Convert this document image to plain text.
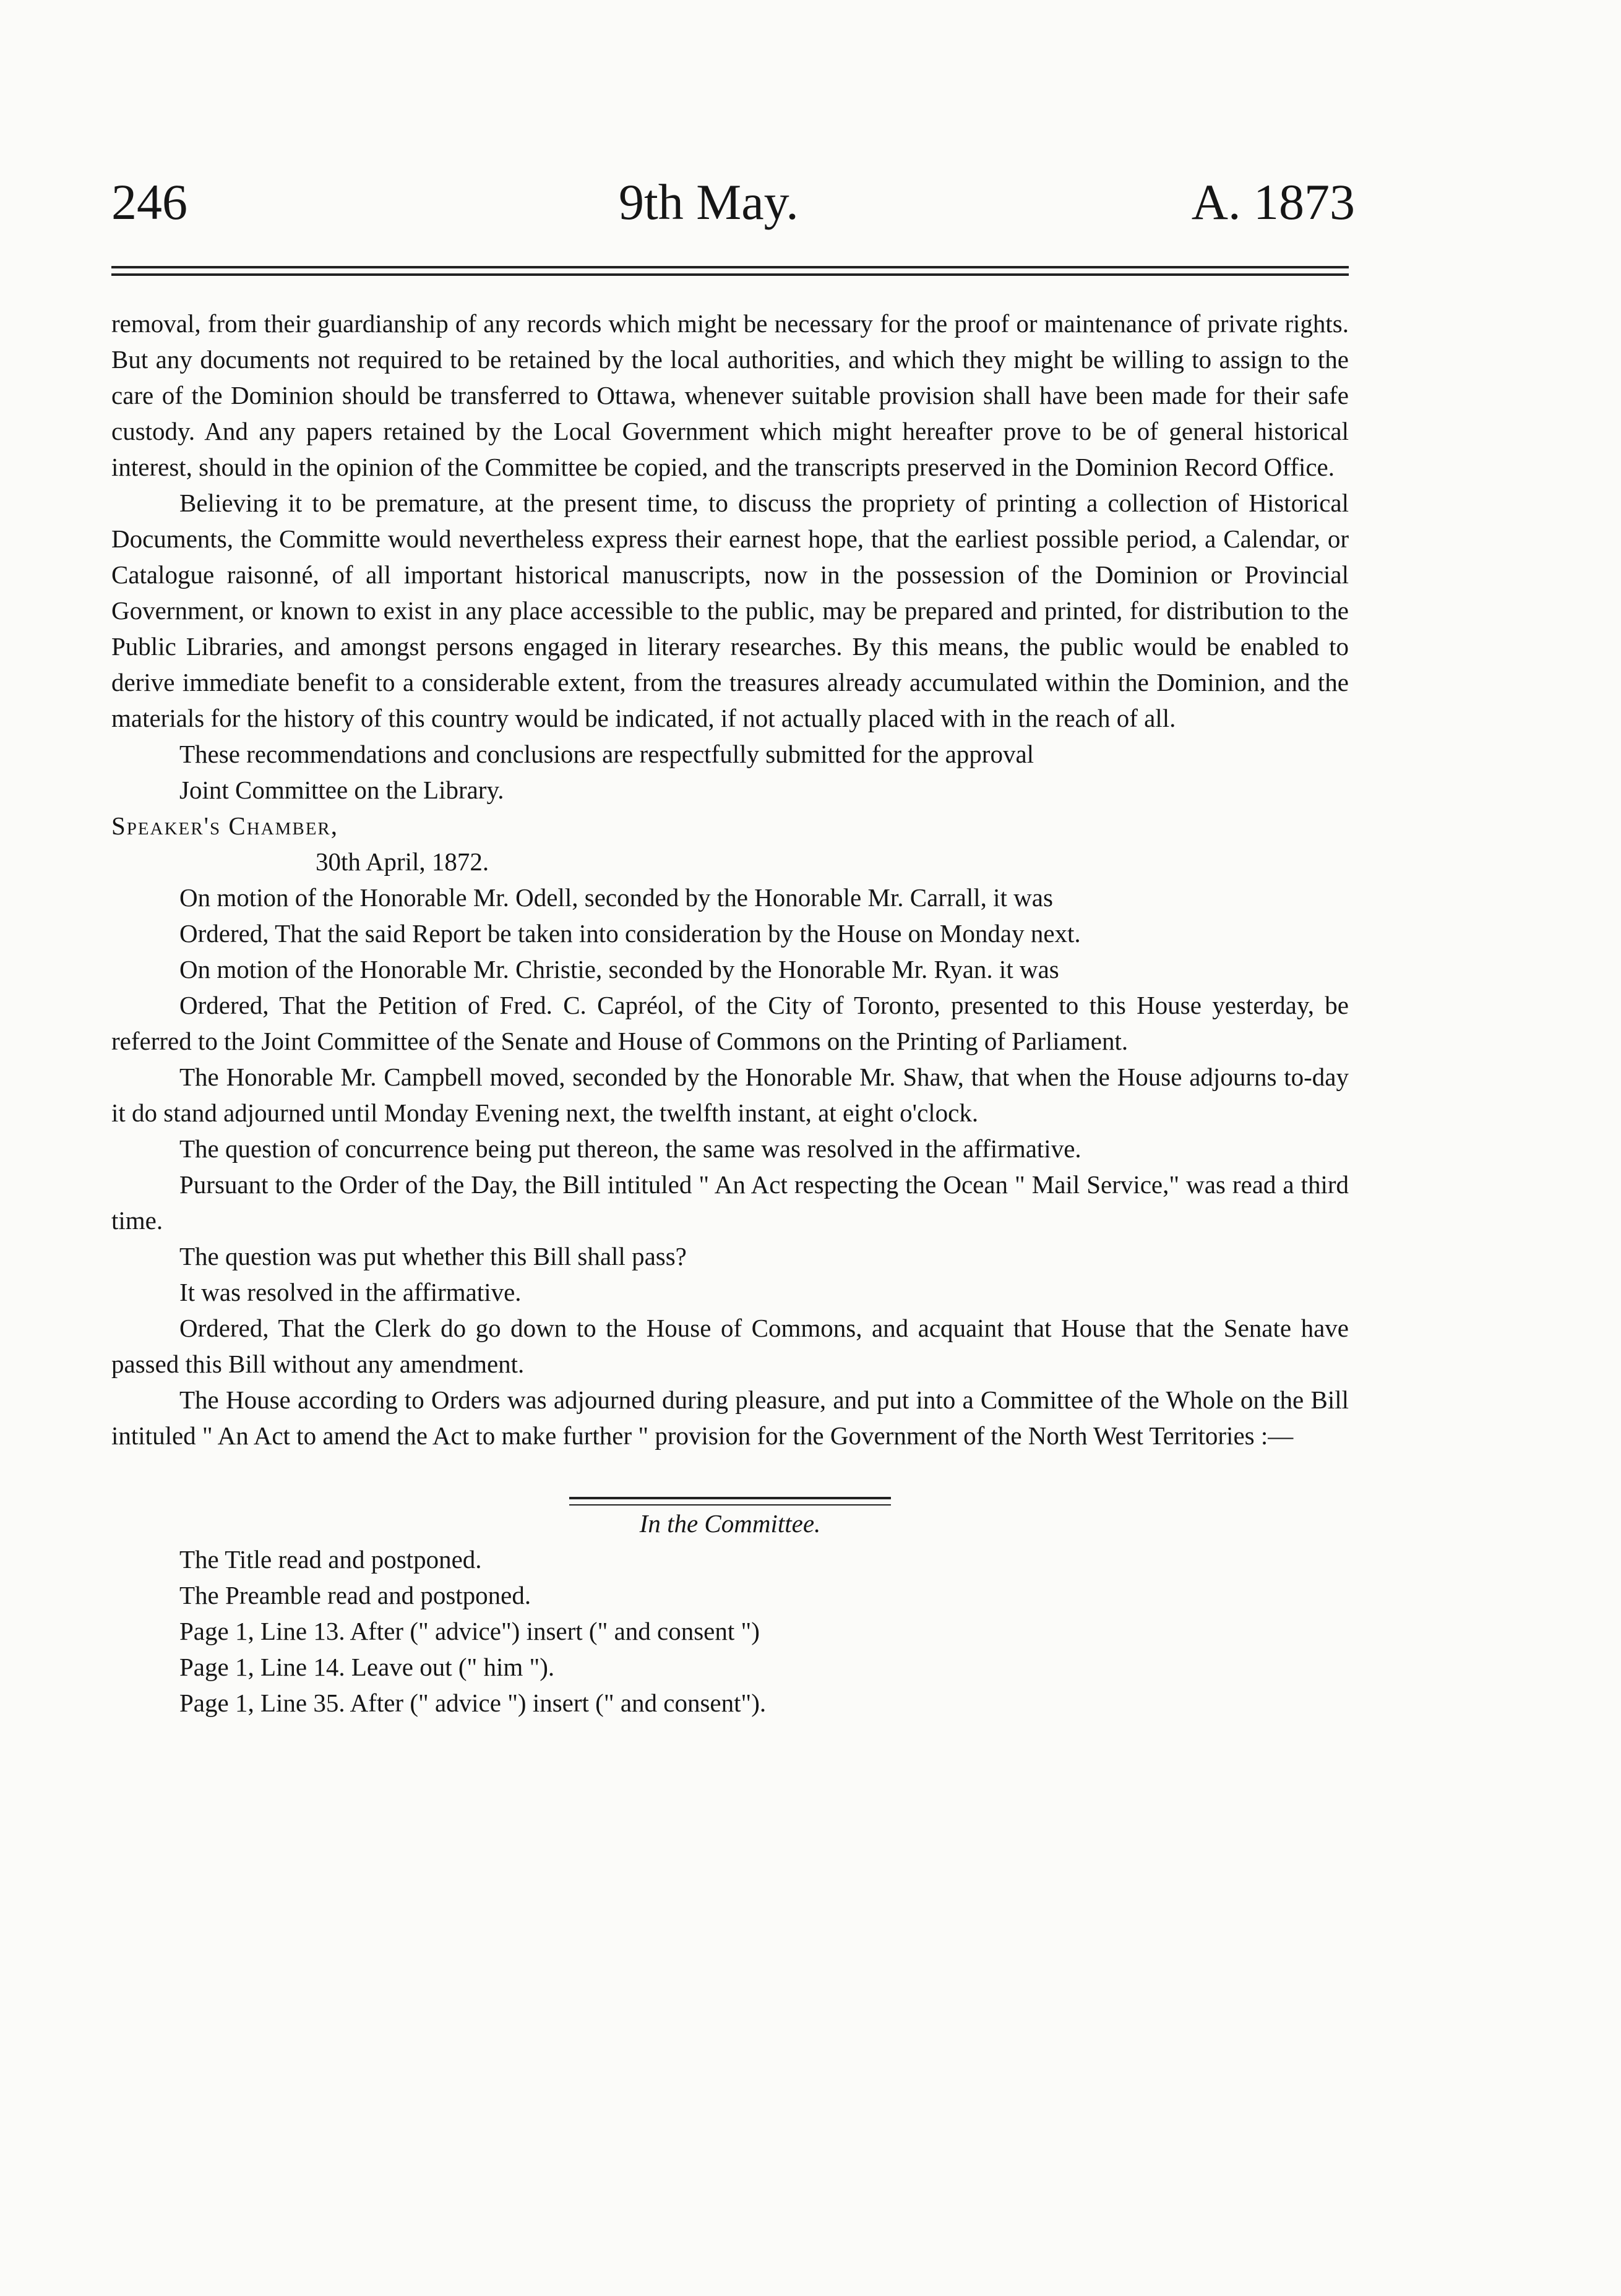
246	9th May.	A. 1873

removal, from their guardianship of any records which might be necessary for the proof or maintenance of private rights. But any documents not required to be retained by the local authorities, and which they might be willing to assign to the care of the Dominion should be transferred to Ottawa, whenever suitable provision shall have been made for their safe custody. And any papers retained by the Local Government which might hereafter prove to be of general historical interest, should in the opinion of the Committee be copied, and the transcripts preserved in the Dominion Record Office.

Believing it to be premature, at the present time, to discuss the propriety of printing a collection of Historical Documents, the Committe would nevertheless express their earnest hope, that the earliest possible period, a Calendar, or Catalogue raisonné, of all important historical manuscripts, now in the possession of the Dominion or Provincial Government, or known to exist in any place accessible to the public, may be prepared and printed, for distribution to the Public Libraries, and amongst persons engaged in literary researches. By this means, the public would be enabled to derive immediate benefit to a considerable extent, from the treasures already accumulated within the Dominion, and the materials for the history of this country would be indicated, if not actually placed with in the reach of all.

These recommendations and conclusions are respectfully submitted for the approval

Joint Committee on the Library.

Speaker's Chamber,

30th April, 1872.

On motion of the Honorable Mr. Odell, seconded by the Honorable Mr. Carrall, it was

Ordered, That the said Report be taken into consideration by the House on Monday next.

On motion of the Honorable Mr. Christie, seconded by the Honorable Mr. Ryan. it was

Ordered, That the Petition of Fred. C. Capréol, of the City of Toronto, presented to this House yesterday, be referred to the Joint Committee of the Senate and House of Commons on the Printing of Parliament.

The Honorable Mr. Campbell moved, seconded by the Honorable Mr. Shaw, that when the House adjourns to-day it do stand adjourned until Monday Evening next, the twelfth instant, at eight o'clock.

The question of concurrence being put thereon, the same was resolved in the affirmative.

Pursuant to the Order of the Day, the Bill intituled " An Act respecting the Ocean " Mail Service," was read a third time.

The question was put whether this Bill shall pass?

It was resolved in the affirmative.

Ordered, That the Clerk do go down to the House of Commons, and acquaint that House that the Senate have passed this Bill without any amendment.

The House according to Orders was adjourned during pleasure, and put into a Committee of the Whole on the Bill intituled " An Act to amend the Act to make further " provision for the Government of the North West Territories :—

In the Committee.

The Title read and postponed.

The Preamble read and postponed.

Page 1, Line 13. After (" advice") insert (" and consent ")

Page 1, Line 14. Leave out (" him ").

Page 1, Line 35. After (" advice ") insert (" and consent").
